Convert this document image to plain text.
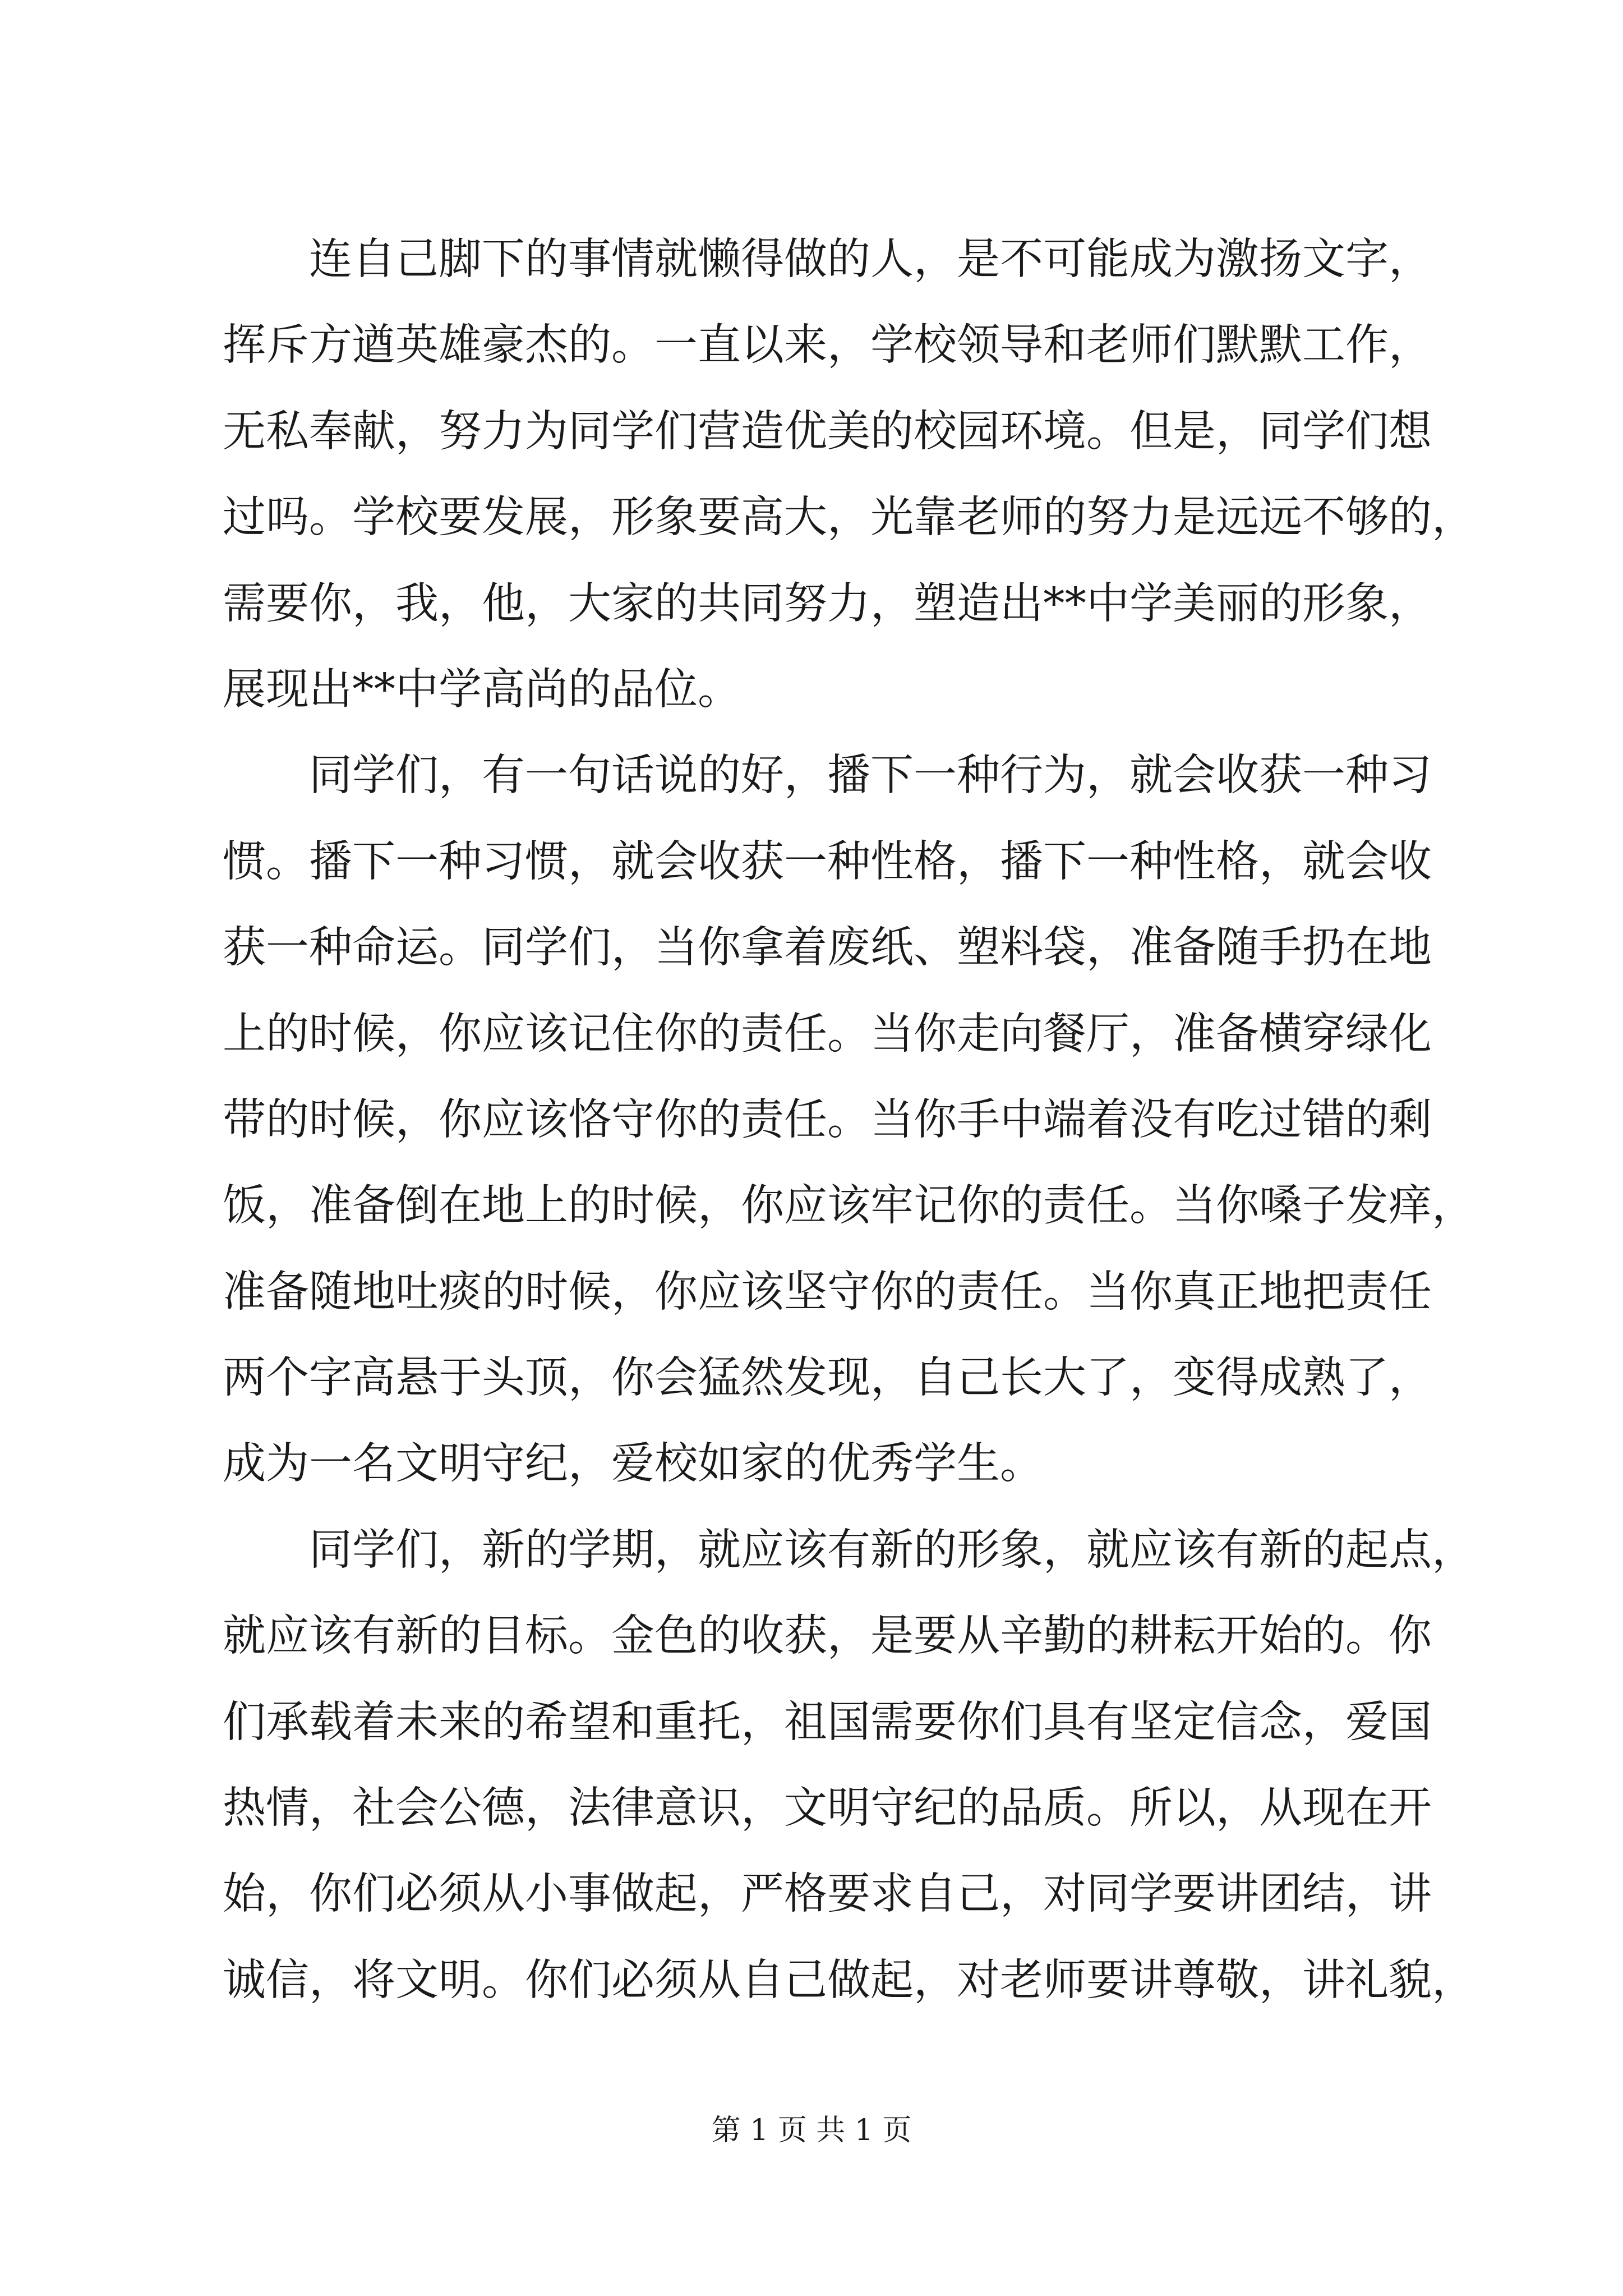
连自己脚下的事情就懒得做的人，是不可能成为激扬文字，
挥斥方遒英雄豪杰的。一直以来，学校领导和老师们默默工作，
无私奉献，努力为同学们营造优美的校园环境。但是，同学们想
过吗。学校要发展，形象要高大，光靠老师的努力是远远不够的，
需要你，我，他，大家的共同努力，塑造出**中学美丽的形象，
展现出**中学高尚的品位。
同学们，有一句话说的好，播下一种行为，就会收获一种习
惯。播下一种习惯，就会收获一种性格，播下一种性格，就会收
获一种命运。同学们，当你拿着废纸、塑料袋，准备随手扔在地
上的时候，你应该记住你的责任。当你走向餐厅，准备横穿绿化
带的时候，你应该恪守你的责任。当你手中端着没有吃过错的剩
饭，准备倒在地上的时候，你应该牢记你的责任。当你嗓子发痒，
准备随地吐痰的时候，你应该坚守你的责任。当你真正地把责任
两个字高悬于头顶，你会猛然发现，自己长大了，变得成熟了，
成为一名文明守纪，爱校如家的优秀学生。
同学们，新的学期，就应该有新的形象，就应该有新的起点，
就应该有新的目标。金色的收获，是要从辛勤的耕耘开始的。你
们承载着未来的希望和重托，祖国需要你们具有坚定信念，爱国
热情，社会公德，法律意识，文明守纪的品质。所以，从现在开
始，你们必须从小事做起，严格要求自己，对同学要讲团结，讲
诚信，将文明。你们必须从自己做起，对老师要讲尊敬，讲礼貌，
第 1 页 共 1 页
